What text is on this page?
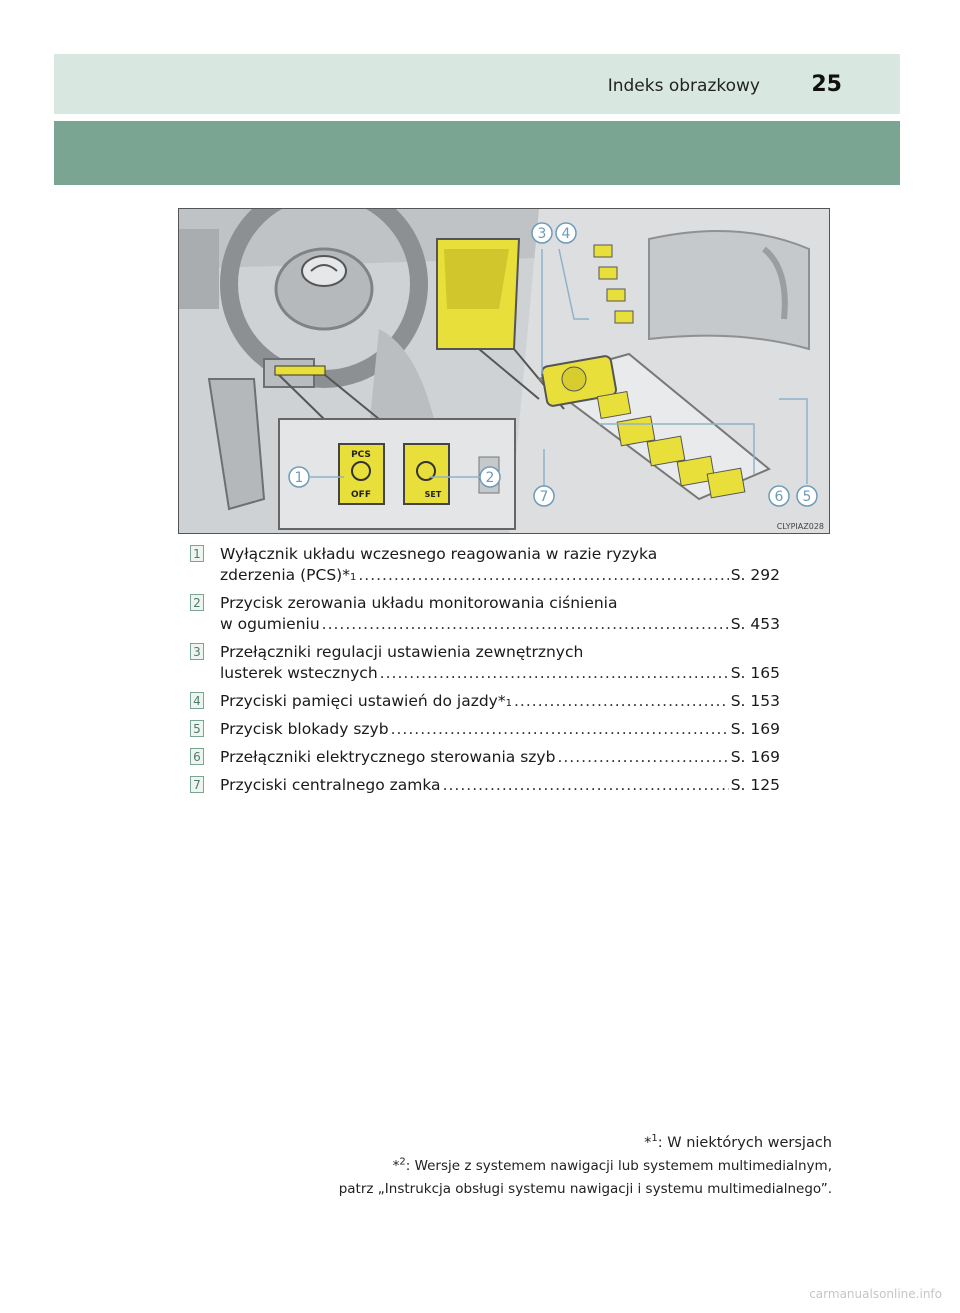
Indeks obrazkowy 25
PCS
OFF	SET
1	2
3 4
5
6
7
CLYPIAZ028
1 Wyłącznik układu wczesnego reagowania w razie ryzyka
zderzenia (PCS)* 1 .....	S. 292
2 Przycisk zerowania układu monitorowania ciśnienia
w ogumieniu .....	S. 453
3 Przełączniki regulacji ustawienia zewnętrznych
lusterek wstecznych .....	S. 165
4 Przyciski pamięci ustawień do jazdy* 1 .....	S. 153
5 Przycisk blokady szyb .....	S. 169
6 Przełączniki elektrycznego sterowania szyb .....	S. 169
7 Przyciski centralnego zamka .....	S. 125
*$^1$: W niektórych wersjach
*$^2$: Wersje z systemem nawigacji lub systemem multimedialnym,
patrz „Instrukcja obsługi systemu nawigacji i systemu multimedialnego”.
carmanualsonline.info
